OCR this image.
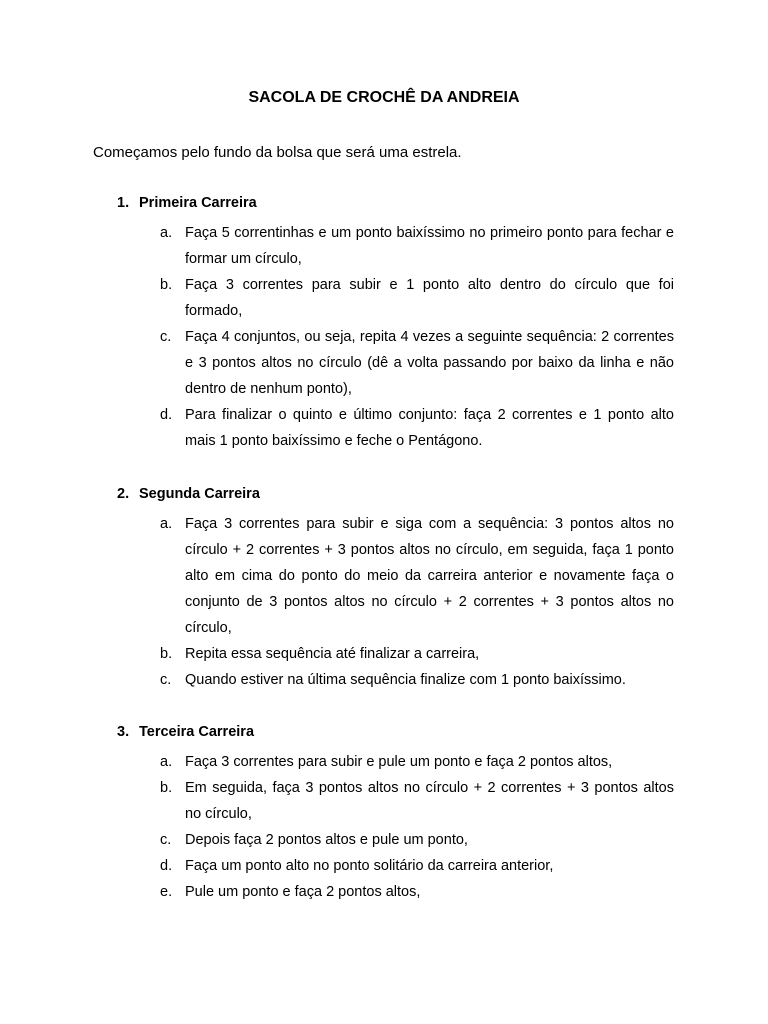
SACOLA DE CROCHÊ DA ANDREIA
Começamos pelo fundo da bolsa que será uma estrela.
1. Primeira Carreira
a. Faça 5 correntinhas e um ponto baixíssimo no primeiro ponto para fechar e formar um círculo,
b. Faça 3 correntes para subir e 1 ponto alto dentro do círculo que foi formado,
c. Faça 4 conjuntos, ou seja, repita 4 vezes a seguinte sequência: 2 correntes e 3 pontos altos no círculo (dê a volta passando por baixo da linha e não dentro de nenhum ponto),
d. Para finalizar o quinto e último conjunto: faça 2 correntes e 1 ponto alto mais 1 ponto baixíssimo e feche o Pentágono.
2. Segunda Carreira
a. Faça 3 correntes para subir e siga com a sequência: 3 pontos altos no círculo + 2 correntes + 3 pontos altos no círculo, em seguida, faça 1 ponto alto em cima do ponto do meio da carreira anterior e novamente faça o conjunto de 3 pontos altos no círculo + 2 correntes + 3 pontos altos no círculo,
b. Repita essa sequência até finalizar a carreira,
c. Quando estiver na última sequência finalize com 1 ponto baixíssimo.
3. Terceira Carreira
a. Faça 3 correntes para subir e pule um ponto e faça 2 pontos altos,
b. Em seguida, faça 3 pontos altos no círculo + 2 correntes + 3 pontos altos no círculo,
c. Depois faça 2 pontos altos e pule um ponto,
d. Faça um ponto alto no ponto solitário da carreira anterior,
e. Pule um ponto e faça 2 pontos altos,
